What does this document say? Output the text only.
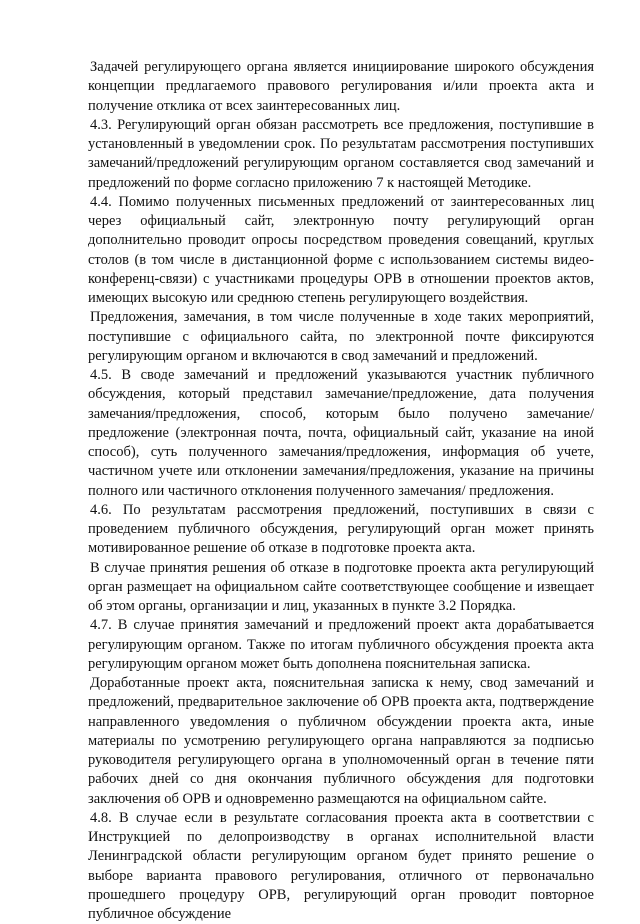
Задачей регулирующего органа является инициирование широкого обсуждения концепции предлагаемого правового регулирования и/или проекта акта и получение отклика от всех заинтересованных лиц.

4.3. Регулирующий орган обязан рассмотреть все предложения, поступившие в установленный в уведомлении срок. По результатам рассмотрения поступивших замечаний/предложений регулирующим органом составляется свод замечаний и предложений по форме согласно приложению 7 к настоящей Методике.

4.4. Помимо полученных письменных предложений от заинтересованных лиц через официальный сайт, электронную почту регулирующий орган дополнительно проводит опросы посредством проведения совещаний, круглых столов (в том числе в дистанционной форме с использованием системы видео-конференц-связи) с участниками процедуры ОРВ в отношении проектов актов, имеющих высокую или среднюю степень регулирующего воздействия.

Предложения, замечания, в том числе полученные в ходе таких мероприятий, поступившие с официального сайта, по электронной почте фиксируются регулирующим органом и включаются в свод замечаний и предложений.

4.5. В своде замечаний и предложений указываются участник публичного обсуждения, который представил замечание/предложение, дата получения замечания/предложения, способ, которым было получено замечание/предложение (электронная почта, почта, официальный сайт, указание на иной способ), суть полученного замечания/предложения, информация об учете, частичном учете или отклонении замечания/предложения, указание на причины полного или частичного отклонения полученного замечания/ предложения.

4.6. По результатам рассмотрения предложений, поступивших в связи с проведением публичного обсуждения, регулирующий орган может принять мотивированное решение об отказе в подготовке проекта акта.

В случае принятия решения об отказе в подготовке проекта акта регулирующий орган размещает на официальном сайте соответствующее сообщение и извещает об этом органы, организации и лиц, указанных в пункте 3.2 Порядка.

4.7. В случае принятия замечаний и предложений проект акта дорабатывается регулирующим органом. Также по итогам публичного обсуждения проекта акта регулирующим органом может быть дополнена пояснительная записка.

Доработанные проект акта, пояснительная записка к нему, свод замечаний и предложений, предварительное заключение об ОРВ проекта акта, подтверждение направленного уведомления о публичном обсуждении проекта акта, иные материалы по усмотрению регулирующего органа направляются за подписью руководителя регулирующего органа в уполномоченный орган в течение пяти рабочих дней со дня окончания публичного обсуждения для подготовки заключения об ОРВ и одновременно размещаются на официальном сайте.

4.8. В случае если в результате согласования проекта акта в соответствии с Инструкцией по делопроизводству в органах исполнительной власти Ленинградской области регулирующим органом будет принято решение о выборе варианта правового регулирования, отличного от первоначально прошедшего процедуру ОРВ, регулирующий орган проводит повторное публичное обсуждение
